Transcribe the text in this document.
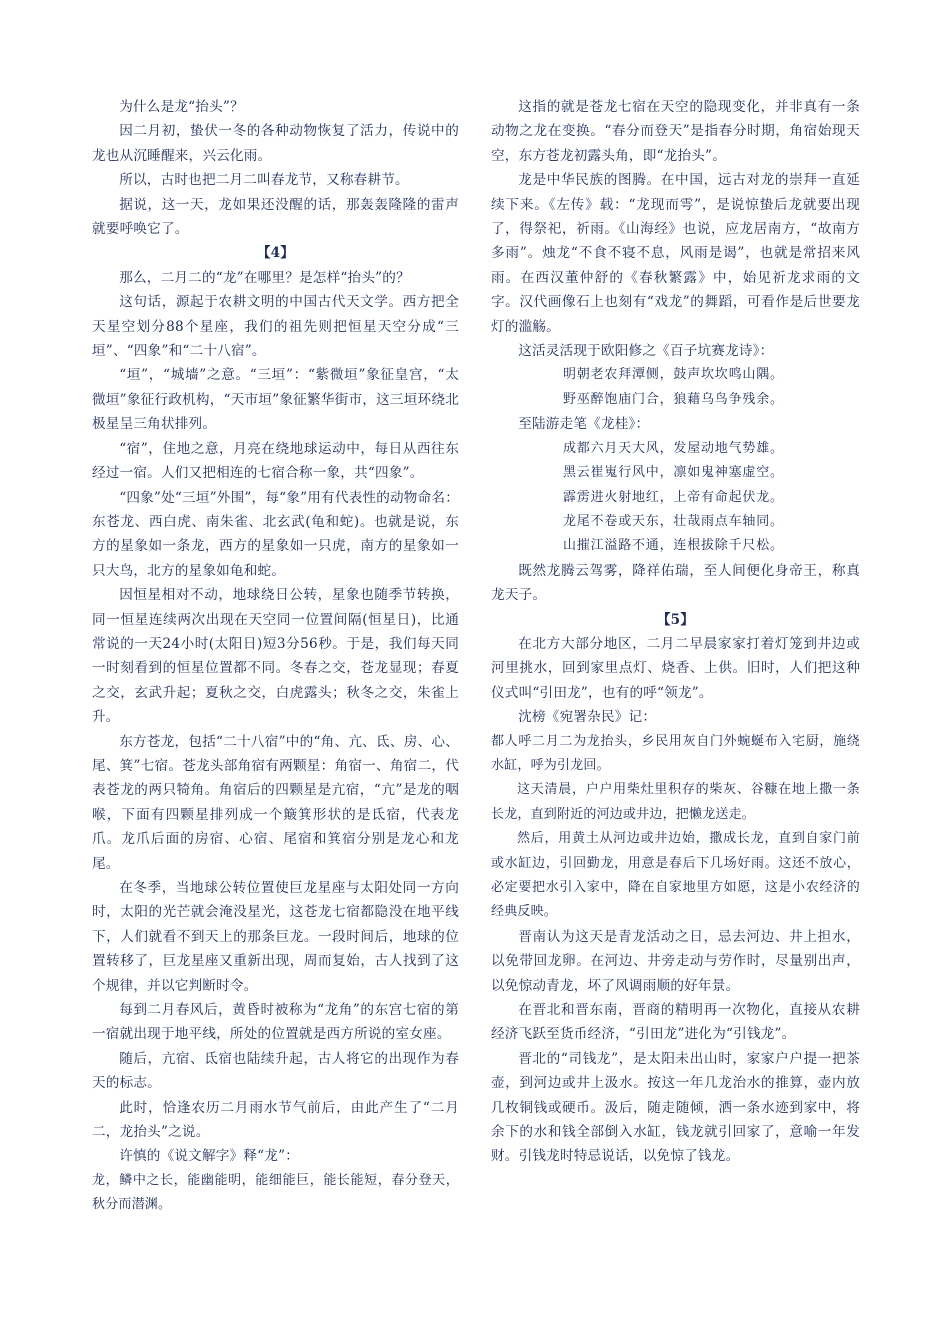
为什么是龙“抬头”？

因二月初，蛰伏一冬的各种动物恢复了活力，传说中的龙也从沉睡醒来，兴云化雨。

所以，古时也把二月二叫春龙节，又称春耕节。

据说，这一天，龙如果还没醒的话，那轰轰隆隆的雷声就要呼唤它了。

【4】

那么，二月二的“龙”在哪里？是怎样“抬头”的？

这句话，源起于农耕文明的中国古代天文学。西方把全天星空划分88个星座，我们的祖先则把恒星天空分成“三垣”、“四象”和“二十八宿”。

“垣”，“城墙”之意。“三垣”：“紫微垣”象征皇宫，“太微垣”象征行政机构，“天市垣”象征繁华街市，这三垣环绕北极星呈三角状排列。

“宿”，住地之意，月亮在绕地球运动中，每日从西往东经过一宿。人们又把相连的七宿合称一象，共“四象”。

“四象”处“三垣”外围”，每“象”用有代表性的动物命名：东苍龙、西白虎、南朱雀、北玄武(龟和蛇)。也就是说，东方的星象如一条龙，西方的星象如一只虎，南方的星象如一只大鸟，北方的星象如龟和蛇。

因恒星相对不动，地球绕日公转，星象也随季节转换，同一恒星连续两次出现在天空同一位置间隔(恒星日)，比通常说的一天24小时(太阳日)短3分56秒。于是，我们每天同一时刻看到的恒星位置都不同。冬春之交，苍龙显现；春夏之交，玄武升起；夏秋之交，白虎露头；秋冬之交，朱雀上升。

东方苍龙，包括“二十八宿”中的“角、亢、氐、房、心、尾、箕”七宿。苍龙头部角宿有两颗星：角宿一、角宿二，代表苍龙的两只犄角。角宿后的四颗星是亢宿，“亢”是龙的咽喉，下面有四颗星排列成一个簸箕形状的是氐宿，代表龙爪。龙爪后面的房宿、心宿、尾宿和箕宿分别是龙心和龙尾。

在冬季，当地球公转位置使巨龙星座与太阳处同一方向时，太阳的光芒就会淹没星光，这苍龙七宿都隐没在地平线下，人们就看不到天上的那条巨龙。一段时间后，地球的位置转移了，巨龙星座又重新出现，周而复始，古人找到了这个规律，并以它判断时令。

每到二月春风后，黄昏时被称为“龙角”的东宫七宿的第一宿就出现于地平线，所处的位置就是西方所说的室女座。

随后，亢宿、氐宿也陆续升起，古人将它的出现作为春天的标志。

此时，恰逢农历二月雨水节气前后，由此产生了“二月二，龙抬头”之说。

许慎的《说文解字》释“龙”：

龙，鳞中之长，能幽能明，能细能巨，能长能短，春分登天，秋分而潜渊。

这指的就是苍龙七宿在天空的隐现变化，并非真有一条动物之龙在变换。“春分而登天”是指春分时期，角宿始现天空，东方苍龙初露头角，即“龙抬头”。

龙是中华民族的图腾。在中国，远古对龙的崇拜一直延续下来。《左传》载：“龙现而雩”，是说惊蛰后龙就要出现了，得祭祀，祈雨。《山海经》也说，应龙居南方，“故南方多雨”。烛龙“不食不寝不息，风雨是谒”，也就是常招来风雨。在西汉董仲舒的《春秋繁露》中，始见祈龙求雨的文字。汉代画像石上也刻有“戏龙”的舞蹈，可看作是后世要龙灯的滥觞。

这活灵活现于欧阳修之《百子坑赛龙诗》：

明朝老农拜潭侧，鼓声坎坎鸣山隅。

野巫醉饱庙门合，狼藉乌鸟争残余。

至陆游走笔《龙桂》：

成都六月天大风，发屋动地气势雄。

黑云崔嵬行风中，凛如鬼神塞虚空。

霹雳进火射地红，上帝有命起伏龙。

龙尾不卷或天东，壮哉雨点车轴同。

山摧江溢路不通，连根拔除千尺松。

既然龙腾云驾雾，降祥佑瑞，至人间便化身帝王，称真龙天子。

【5】

在北方大部分地区，二月二早晨家家打着灯笼到井边或河里挑水，回到家里点灯、烧香、上供。旧时，人们把这种仪式叫“引田龙”，也有的呼“领龙”。

沈榜《宛署杂民》记：

都人呼二月二为龙抬头，乡民用灰自门外蜿蜒布入宅厨，施绕水缸，呼为引龙回。

这天清晨，户户用柴灶里积存的柴灰、谷糠在地上撒一条长龙，直到附近的河边或井边，把懒龙送走。

然后，用黄土从河边或井边始，撒成长龙，直到自家门前或水缸边，引回勤龙，用意是春后下几场好雨。这还不放心，必定要把水引入家中，降在自家地里方如愿，这是小农经济的经典反映。

晋南认为这天是青龙活动之日，忌去河边、井上担水，以免带回龙卵。在河边、井旁走动与劳作时，尽量别出声，以免惊动青龙，坏了风调雨顺的好年景。

在晋北和晋东南，晋商的精明再一次物化，直接从农耕经济飞跃至货币经济，“引田龙”进化为“引钱龙”。

晋北的“司钱龙”，是太阳未出山时，家家户户提一把茶壶，到河边或井上汲水。按这一年几龙治水的推算，壶内放几枚铜钱或硬币。汲后，随走随倾，洒一条水迹到家中，将余下的水和钱全部倒入水缸，钱龙就引回家了，意喻一年发财。引钱龙时特忌说话，以免惊了钱龙。
